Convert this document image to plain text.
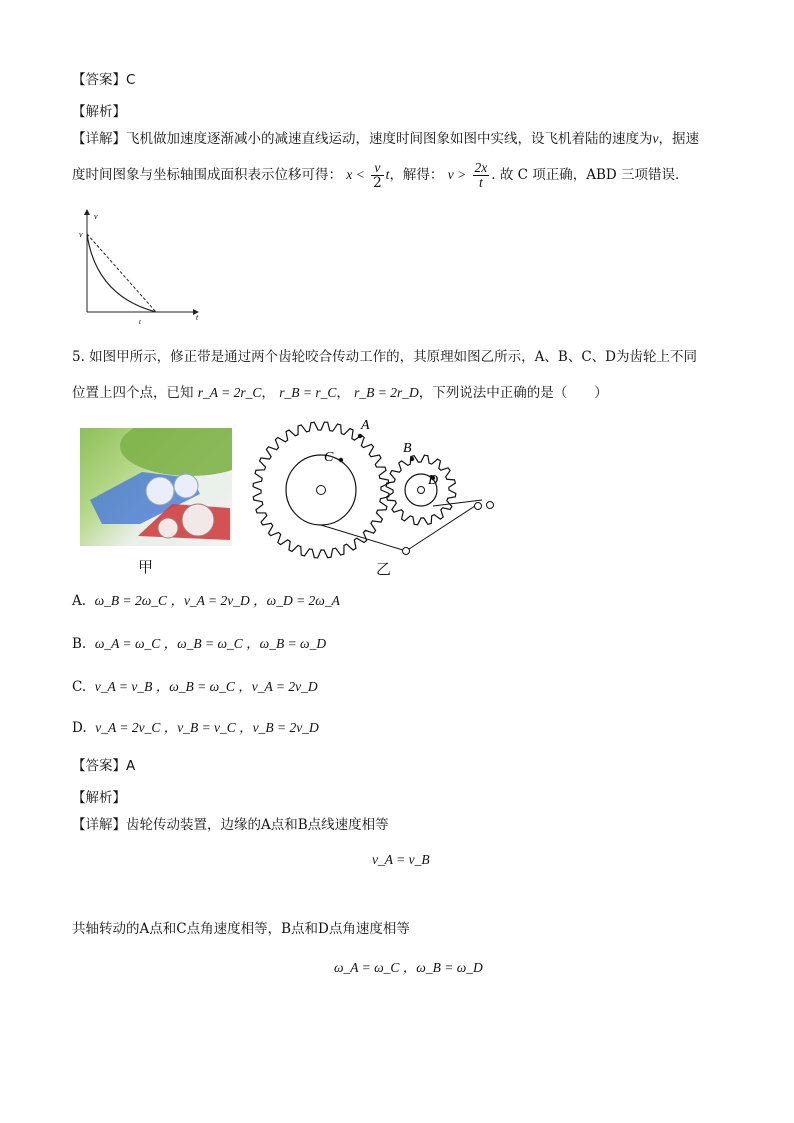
【答案】C
【解析】
【详解】飞机做加速度逐渐减小的减速直线运动，速度时间图象如图中实线，设飞机着陆的速度为v，据速
度时间图象与坐标轴围成面积表示位移可得： $x < \frac{v}{2}$ t，解得： $v > \frac{2x}{t}$ . 故 C 项正确，ABD 三项错误．
v
v
t
t
5. 如图甲所示，修正带是通过两个齿轮咬合传动工作的，其原理如图乙所示，A、B、C、D为齿轮上不同
位置上四个点，已知 r_A = 2r_C， r_B = r_C， r_B = 2r_D，下列说法中正确的是（　　）
甲
A
C
B
D
乙
A. ω_B = 2ω_C ，v_A = 2v_D ，ω_D = 2ω_A
B. ω_A = ω_C ，ω_B = ω_C ，ω_B = ω_D
C. v_A = v_B ，ω_B = ω_C ，v_A = 2v_D
D. v_A = 2v_C ，v_B = v_C ，v_B = 2v_D
【答案】A
【解析】
【详解】齿轮传动装置，边缘的A点和B点线速度相等
v_A = v_B
共轴转动的A点和C点角速度相等，B点和D点角速度相等
ω_A = ω_C ，ω_B = ω_D
